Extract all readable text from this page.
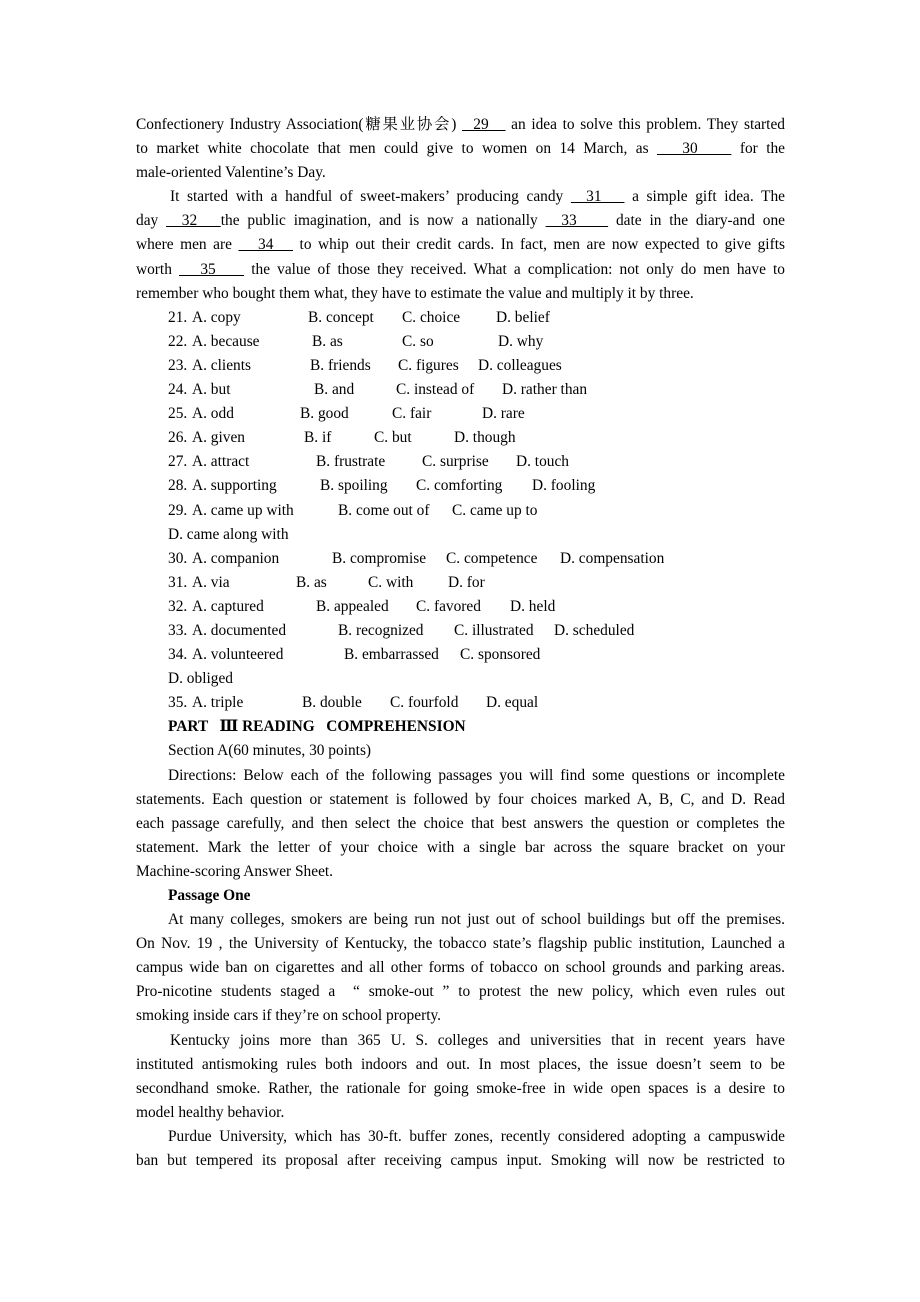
Confectionery Industry Association(糖果业协会)   29    an idea to solve this problem. They started
to market white chocolate that men could give to women on 14 March, as    30     for the
male-oriented Valentine’s Day.
It started with a handful of sweet-makers’ producing candy   31    a simple gift idea. The
day   32   the public imagination, and is now a nationally   33     date in the diary-and one
where men are    34    to whip out their credit cards. In fact, men are now expected to give gifts
worth    35     the value of those they received. What a complication: not only do men have to
remember who bought them what, they have to estimate the value and multiply it by three.
21. A. copy	B. concept C. choice D. belief
22. A. because	B. as	C. so	D. why
23. A. clients	B. friends C. figures D. colleagues
24. A. but	B. and	C. instead of D. rather than
25. A. odd	B. good	C. fair	D. rare
26. A. given	B. if	C. but	D. though
27. A. attract	B. frustrate C. surprise D. touch
28. A. supporting	B. spoiling C. comforting D. fooling
29. A. came up with	B. come out of C. came up to
D. came along with
30. A. companion	B. compromise C. competence D. compensation
31. A. via	B. as	C. with D. for
32. A. captured	B. appealed C. favored D. held
33. A. documented	B. recognized C. illustrated D. scheduled
34. A. volunteered	B. embarrassed C. sponsored
D. obliged
35. A. triple	B. double C. fourfold D. equal
PART   Ⅲ READING   COMPREHENSION
Section A(60 minutes, 30 points)
Directions: Below each of the following passages you will find some questions or incomplete
statements. Each question or statement is followed by four choices marked A, B, C, and D. Read
each passage carefully, and then select the choice that best answers the question or completes the
statement. Mark the letter of your choice with a single bar across the square bracket on your
Machine-scoring Answer Sheet.
Passage One
At many colleges, smokers are being run not just out of school buildings but off the premises.
On Nov. 19 , the University of Kentucky, the tobacco state’s flagship public institution, Launched a
campus wide ban on cigarettes and all other forms of tobacco on school grounds and parking areas.
Pro-nicotine students staged a  “ smoke-out ” to protest the new policy, which even rules out
smoking inside cars if they’re on school property.
Kentucky joins more than 365 U. S. colleges and universities that in recent years have
instituted antismoking rules both indoors and out. In most places, the issue doesn’t seem to be
secondhand smoke. Rather, the rationale for going smoke-free in wide open spaces is a desire to
model healthy behavior.
Purdue University, which has 30-ft. buffer zones, recently considered adopting a campuswide
ban but tempered its proposal after receiving campus input. Smoking will now be restricted to
